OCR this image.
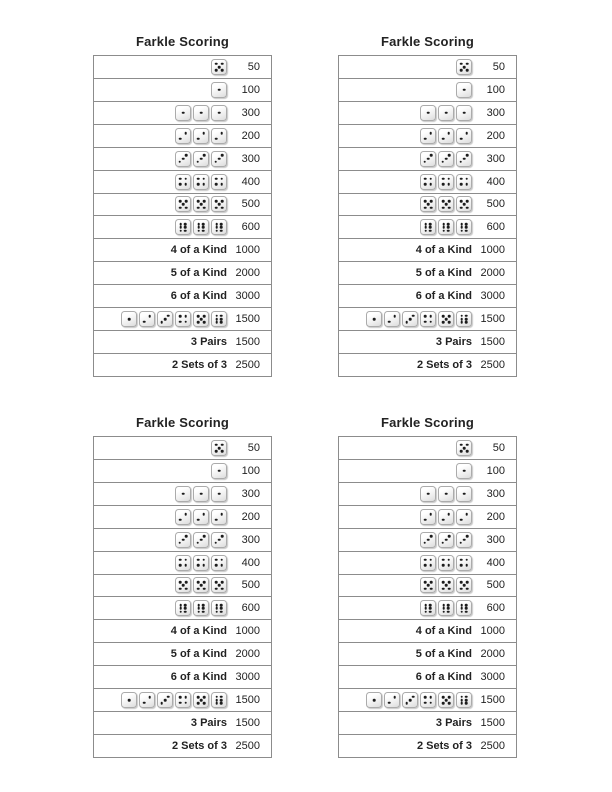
Farkle Scoring
50
100
300
200
300
400
500
600
4 of a Kind 1000
5 of a Kind 2000
6 of a Kind 3000
1500
3 Pairs 1500
2 Sets of 3 2500
Farkle Scoring
50
100
300
200
300
400
500
600
4 of a Kind 1000
5 of a Kind 2000
6 of a Kind 3000
1500
3 Pairs 1500
2 Sets of 3 2500
Farkle Scoring
50
100
300
200
300
400
500
600
4 of a Kind 1000
5 of a Kind 2000
6 of a Kind 3000
1500
3 Pairs 1500
2 Sets of 3 2500
Farkle Scoring
50
100
300
200
300
400
500
600
4 of a Kind 1000
5 of a Kind 2000
6 of a Kind 3000
1500
3 Pairs 1500
2 Sets of 3 2500
